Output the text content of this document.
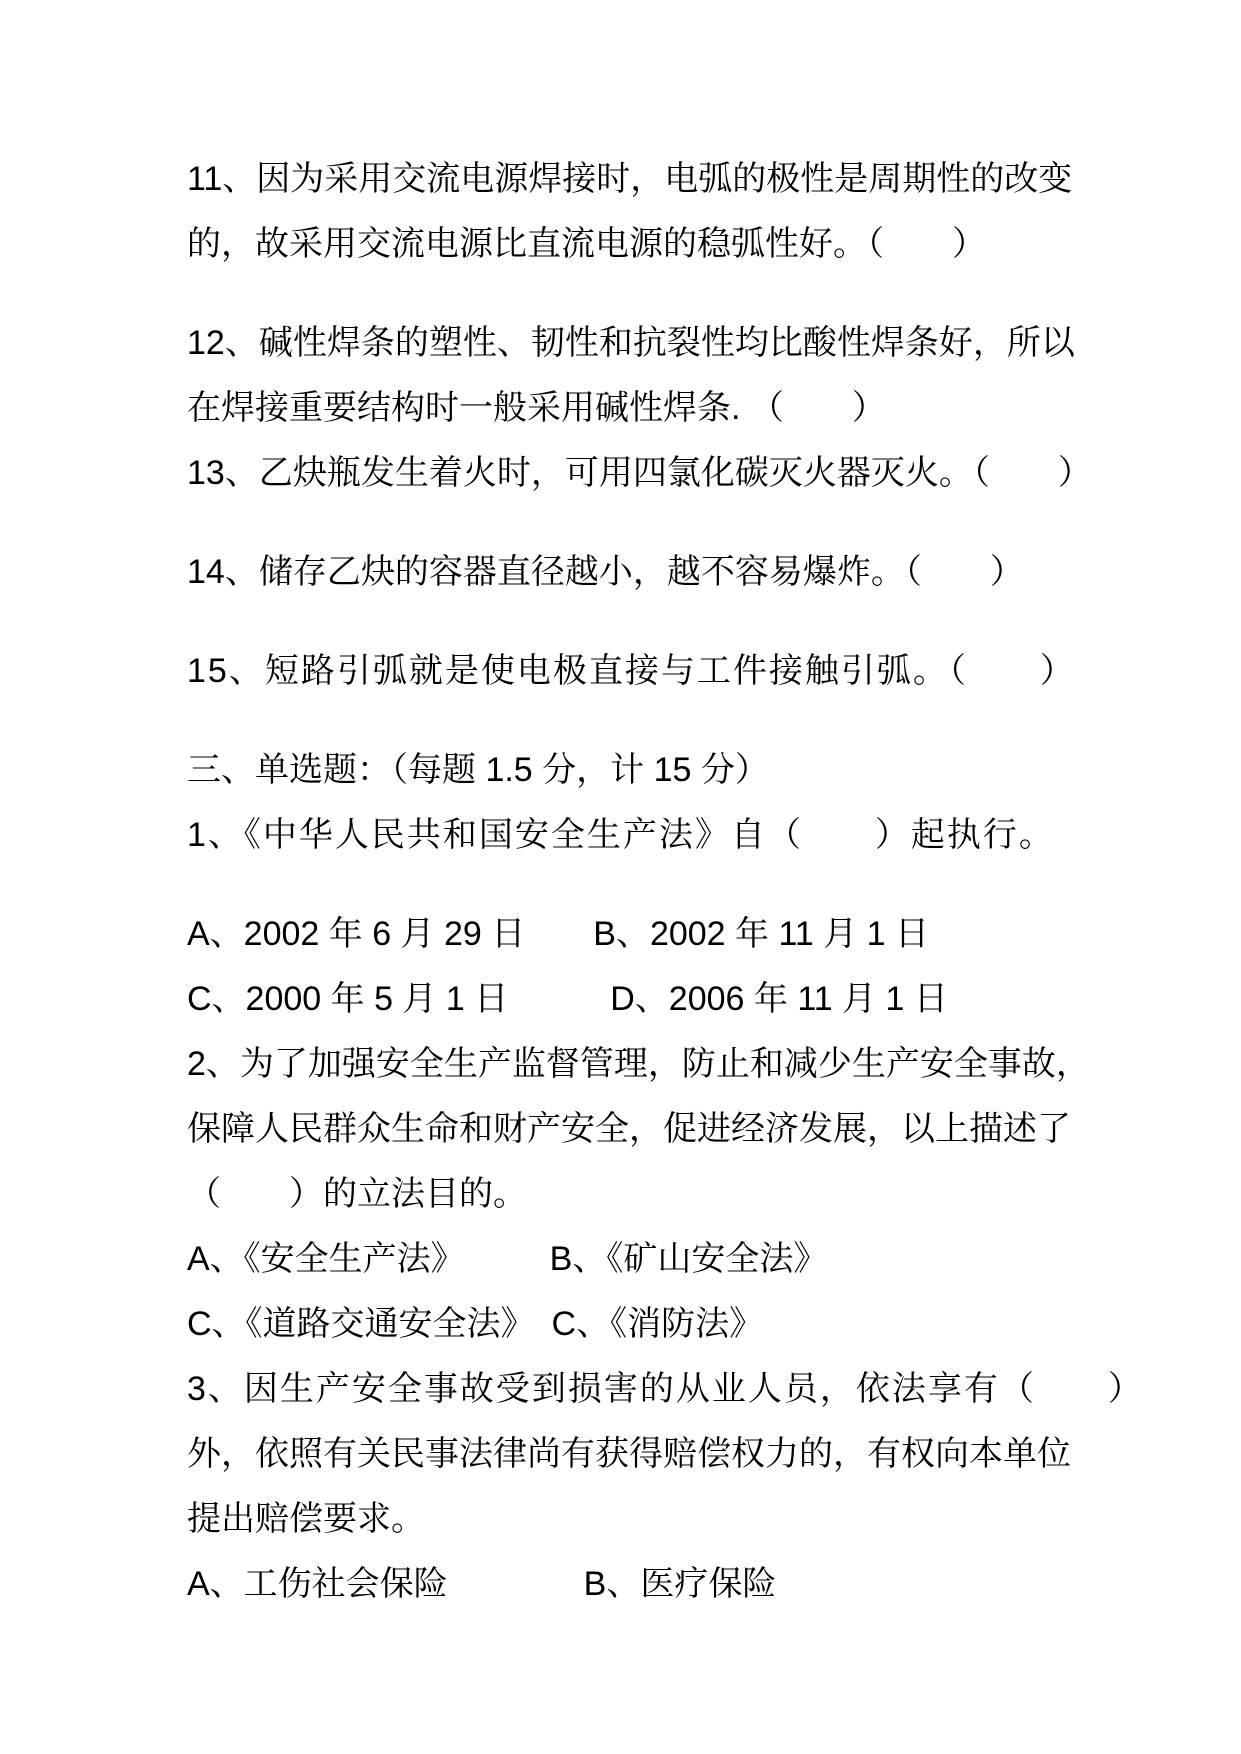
11、因为采用交流电源焊接时，电弧的极性是周期性的改变

的，故采用交流电源比直流电源的稳弧性好。（　　）

12、碱性焊条的塑性、韧性和抗裂性均比酸性焊条好，所以

在焊接重要结构时一般采用碱性焊条. （　　）

13、乙炔瓶发生着火时，可用四氯化碳灭火器灭火。（　　）

14、储存乙炔的容器直径越小，越不容易爆炸。（　　）

15、短路引弧就是使电极直接与工件接触引弧。（　　）

三、单选题：（每题 1.5 分，计 15 分）

1、《中华人民共和国安全生产法》自（　　）起执行。

A、2002 年 6 月 29 日　　B、2002 年 11 月 1 日

C、2000 年 5 月 1 日　　　D、2006 年 11 月 1 日

2、为了加强安全生产监督管理，防止和减少生产安全事故，

保障人民群众生命和财产安全，促进经济发展，以上描述了

（　　）的立法目的。

A、《安全生产法》　　　B、《矿山安全法》

C、《道路交通安全法》　C、《消防法》

3、因生产安全事故受到损害的从业人员，依法享有（　　）

外，依照有关民事法律尚有获得赔偿权力的，有权向本单位

提出赔偿要求。

A、工伤社会保险　　　　B、医疗保险
